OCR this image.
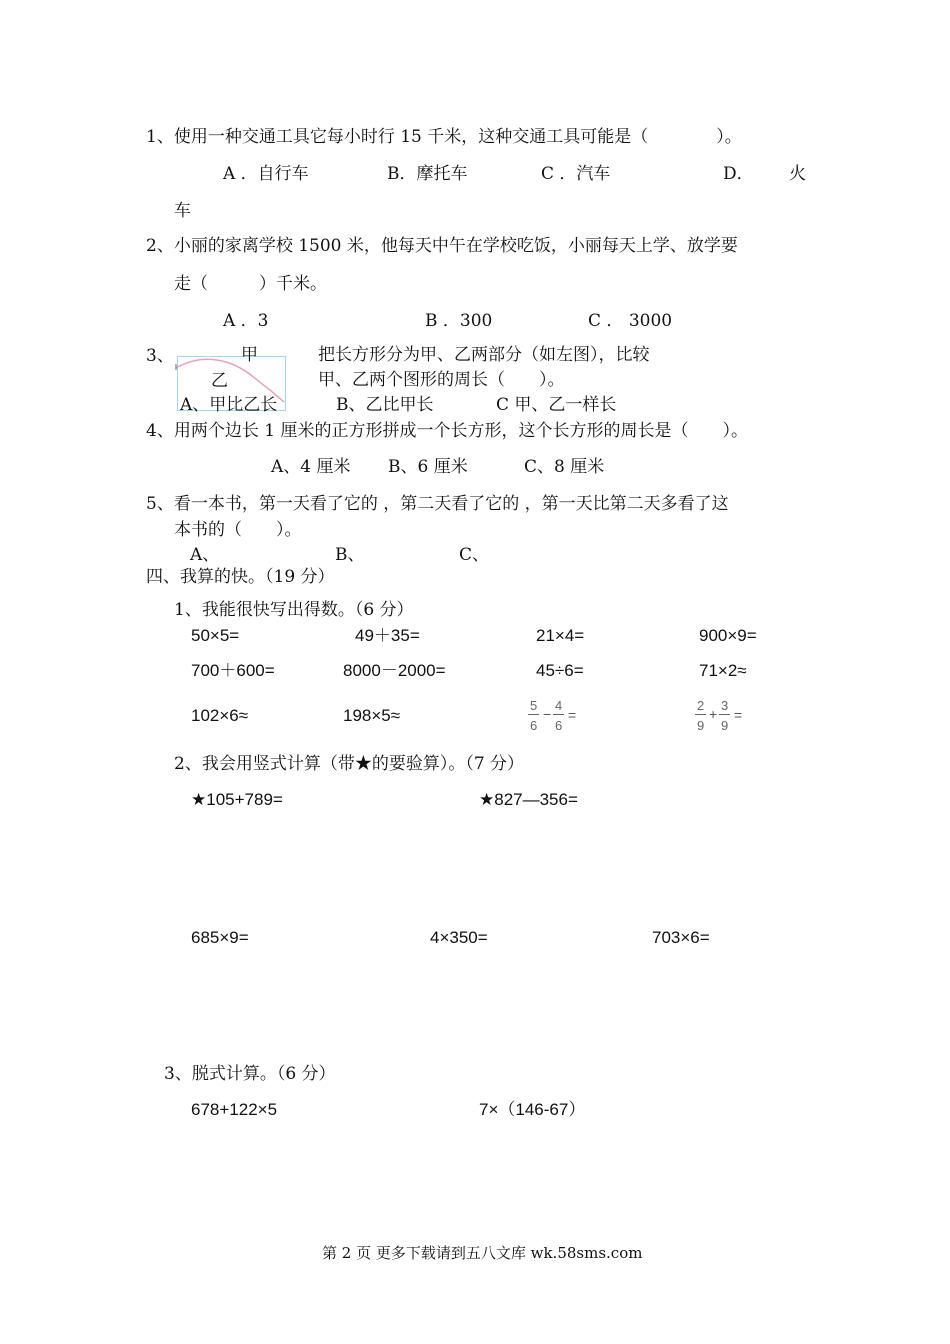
1、使用一种交通工具它每小时行 15 千米，这种交通工具可能是（　　　　）。
A ．自行车	B．摩托车	C ．汽车	D． 火
车
2、小丽的家离学校 1500 米，他每天中午在学校吃饭，小丽每天上学、放学要
走（　　　）千米。
A ．3	B ．300	C ． 3000
3、	甲
乙
把长方形分为甲、乙两部分（如左图），比较
甲、乙两个图形的周长（　　）。
A、甲比乙长	B、乙比甲长	C 甲、乙一样长
4、用两个边长 1 厘米的正方形拼成一个长方形，这个长方形的周长是（　　）。
A、4 厘米 B、6 厘米	C、8 厘米
5、看一本书，第一天看了它的 ，第二天看了它的 ，第一天比第二天多看了这
本书的（　　）。
A、	B、	C、
四、我算的快。（19 分）
1、我能很快写出得数。（6 分）
50×5=	49＋35=	21×4=	900×9=
700＋600=	8000－2000=	45÷6=	71×2≈
102×6≈	198×5≈	$\frac{5}{6} - \frac{4}{6}$ =	$\frac{2}{9} + \frac{3}{9}$ =
2、我会用竖式计算（带★的要验算）。（7 分）
★105+789=	★827—356=
685×9=	4×350=	703×6=
3、脱式计算。（6 分）
678+122×5	7×（146-67）
第 2 页 更多下载请到五八文库 wk.58sms.com
